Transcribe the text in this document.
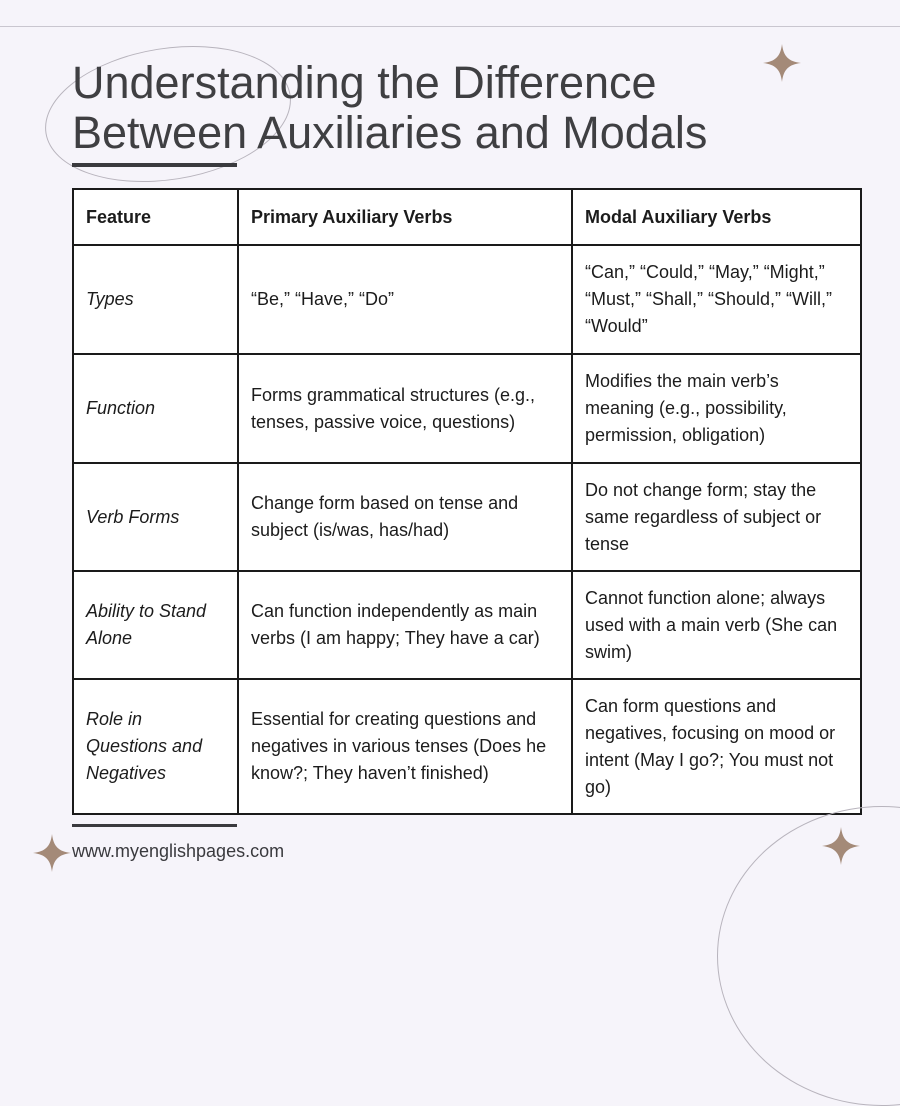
Understanding the Difference
Between Auxiliaries and Modals
Feature	Primary Auxiliary Verbs	Modal Auxiliary Verbs
Types	“Be,” “Have,” “Do”	“Can,” “Could,” “May,” “Might,” “Must,” “Shall,” “Should,” “Will,” “Would”
Function	Forms grammatical structures (e.g., tenses, passive voice, questions)	Modifies the main verb’s meaning (e.g., possibility, permission, obligation)
Verb Forms	Change form based on tense and subject (is/was, has/had)	Do not change form; stay the same regardless of subject or tense
Ability to Stand Alone	Can function independently as main verbs (I am happy; They have a car)	Cannot function alone; always used with a main verb (She can swim)
Role in Questions and Negatives	Essential for creating questions and negatives in various tenses (Does he know?; They haven’t finished)	Can form questions and negatives, focusing on mood or intent (May I go?; You must not go)
www.myenglishpages.com
